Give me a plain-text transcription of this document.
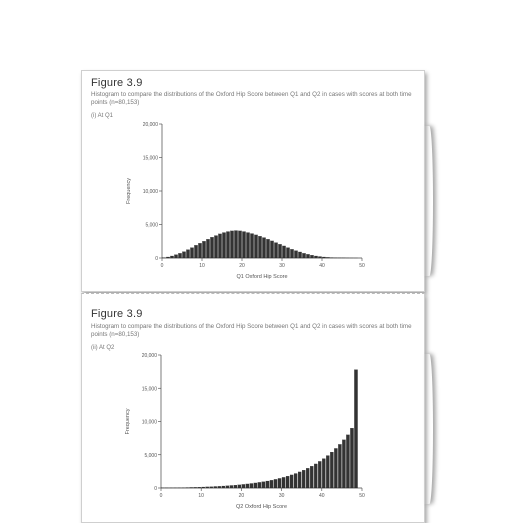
Figure 3.9
Histogram to compare the distributions of the Oxford Hip Score between Q1 and Q2 in cases with scores at both time points (n=80,153)
(i) At Q1
0
5,000
10,000
15,000
20,000
0	10	20	30	40	50
Q1 Oxford Hip Score
Frequency
Figure 3.9
Histogram to compare the distributions of the Oxford Hip Score between Q1 and Q2 in cases with scores at both time points (n=80,153)
(ii) At Q2
0
5,000
10,000
15,000
20,000
0	10	20	30	40	50
Q2 Oxford Hip Score
Frequency
